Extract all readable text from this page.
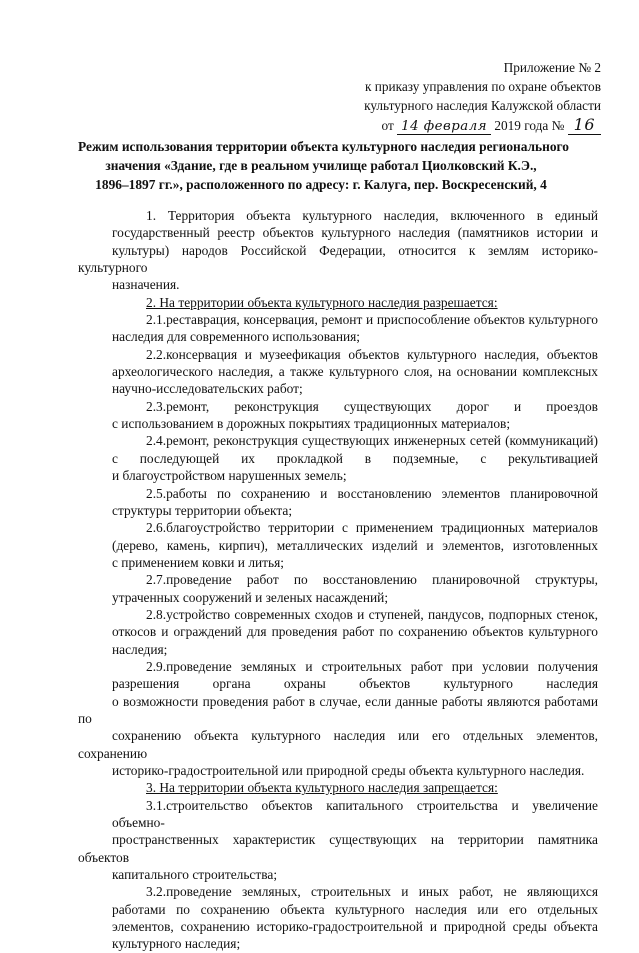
Приложение № 2
к приказу управления по охране объектов
культурного наследия Калужской области
от 14 февраля 2019 года № 16
Режим использования территории объекта культурного наследия регионального
значения «Здание, где в реальном училище работал Циолковский К.Э.,
1896–1897 гг.», расположенного по адресу: г. Калуга, пер. Воскресенский, 4
1. Территория объекта культурного наследия, включенного в единый
государственный реестр объектов культурного наследия (памятников истории и
культуры) народов Российской Федерации, относится к землям историко-культурного
назначения.
2. На территории объекта культурного наследия разрешается:
2.1.реставрация, консервация, ремонт и приспособление объектов культурного
наследия для современного использования;
2.2.консервация и музеефикация объектов культурного наследия, объектов
археологического наследия, а также культурного слоя, на основании комплексных
научно-исследовательских работ;
2.3.ремонт, реконструкция существующих дорог и проездов
с использованием в дорожных покрытиях традиционных материалов;
2.4.ремонт, реконструкция существующих инженерных сетей (коммуникаций)
с последующей их прокладкой в подземные, с рекультивацией
и благоустройством нарушенных земель;
2.5.работы по сохранению и восстановлению элементов планировочной
структуры территории объекта;
2.6.благоустройство территории с применением традиционных материалов
(дерево, камень, кирпич), металлических изделий и элементов, изготовленных
с применением ковки и литья;
2.7.проведение работ по восстановлению планировочной структуры,
утраченных сооружений и зеленых насаждений;
2.8.устройство современных сходов и ступеней, пандусов, подпорных стенок,
откосов и ограждений для проведения работ по сохранению объектов культурного
наследия;
2.9.проведение земляных и строительных работ при условии получения
разрешения органа охраны объектов культурного наследия
о возможности проведения работ в случае, если данные работы являются работами по
сохранению объекта культурного наследия или его отдельных элементов, сохранению
историко-градостроительной или природной среды объекта культурного наследия.
3. На территории объекта культурного наследия запрещается:
3.1.строительство объектов капитального строительства и увеличение объемно-
пространственных характеристик существующих на территории памятника объектов
капитального строительства;
3.2.проведение земляных, строительных и иных работ, не являющихся
работами по сохранению объекта культурного наследия или его отдельных
элементов, сохранению историко-градостроительной и природной среды объекта
культурного наследия;
